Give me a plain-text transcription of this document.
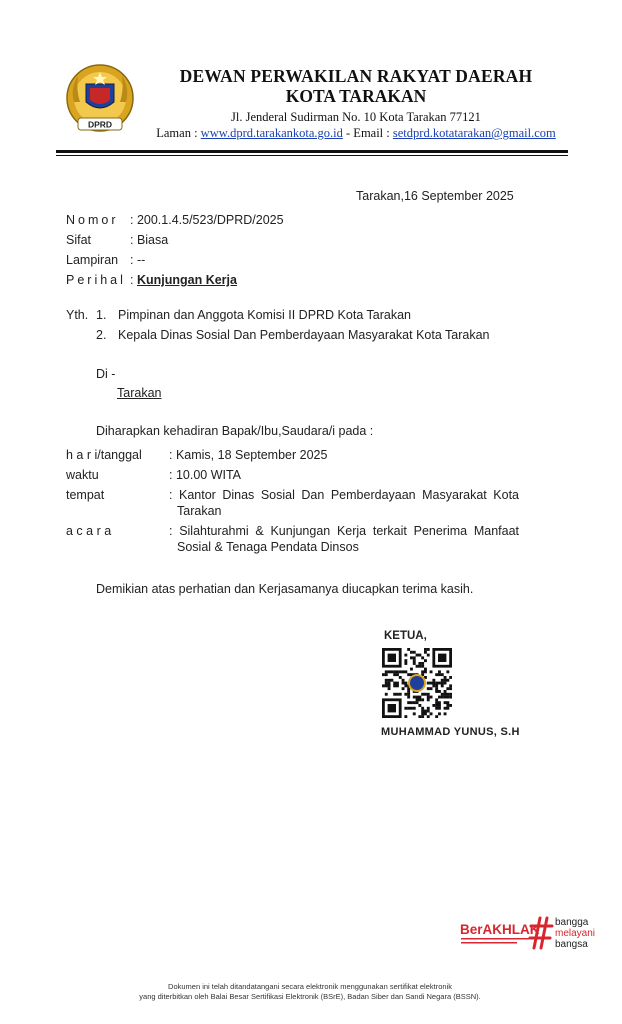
DPRD
DEWAN PERWAKILAN RAKYAT DAERAH
KOTA TARAKAN
Jl. Jenderal Sudirman No. 10 Kota Tarakan 77121
Laman : www.dprd.tarakankota.go.id - Email : setdprd.kotatarakan@gmail.com
Tarakan,16 September 2025
Nomor : 200.1.4.5/523/DPRD/2025
Sifat	: Biasa
Lampiran : --
Perihal : Kunjungan Kerja
Yth. 1. Pimpinan dan Anggota Komisi II DPRD Kota Tarakan
2. Kepala Dinas Sosial Dan Pemberdayaan Masyarakat Kota Tarakan
Di -
Tarakan
Diharapkan kehadiran Bapak/Ibu,Saudara/i pada :
h a r i/tanggal : Kamis, 18 September 2025
waktu	: 10.00 WITA
tempat	: Kantor Dinas Sosial Dan Pemberdayaan Masyarakat Kota Tarakan
a c a r a	: Silahturahmi & Kunjungan Kerja terkait Penerima Manfaat Sosial & Tenaga Pendata Dinsos
Demikian atas perhatian dan Kerjasamanya diucapkan terima kasih.
KETUA,
MUHAMMAD YUNUS, S.H
BerAKHLAK bangga
melayani
bangsa
Dokumen ini telah ditandatangani secara elektronik menggunakan sertifikat elektronik
yang diterbitkan oleh Balai Besar Sertifikasi Elektronik (BSrE), Badan Siber dan Sandi Negara (BSSN).
